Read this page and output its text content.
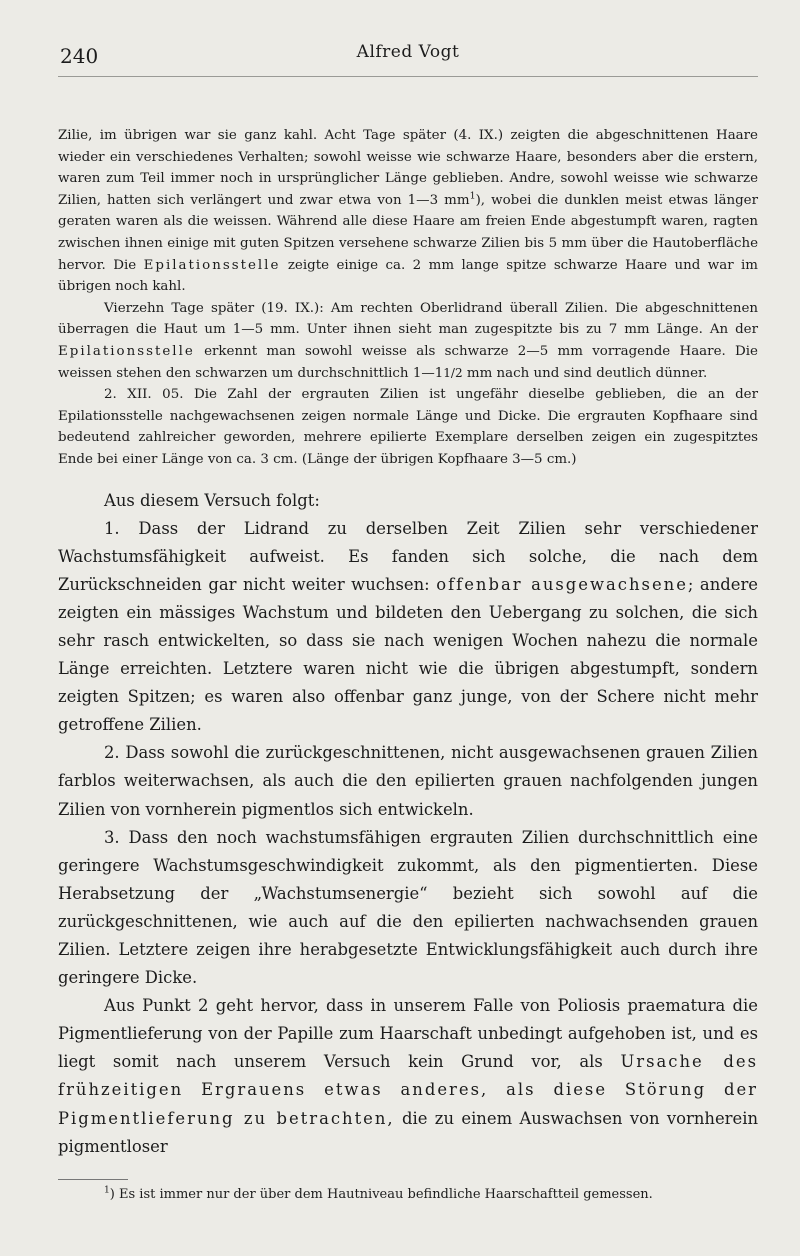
240	Alfred Vogt

Zilie, im übrigen war sie ganz kahl. Acht Tage später (4. IX.) zeigten die abgeschnittenen Haare wieder ein verschiedenes Verhalten; sowohl weisse wie schwarze Haare, besonders aber die erstern, waren zum Teil immer noch in ursprünglicher Länge geblieben. Andre, sowohl weisse wie schwarze Zilien, hatten sich verlängert und zwar etwa von 1—3 $mm^1$), wobei die dunklen meist etwas länger geraten waren als die weissen. Während alle diese Haare am freien Ende abgestumpft waren, ragten zwischen ihnen einige mit guten Spitzen versehene schwarze Zilien bis 5 mm über die Hautoberfläche hervor. Die Epilationsstelle zeigte einige ca. 2 mm lange spitze schwarze Haare und war im übrigen noch kahl.

Vierzehn Tage später (19. IX.): Am rechten Oberlidrand überall Zilien. Die abgeschnittenen überragen die Haut um 1—5 mm. Unter ihnen sieht man zugespitzte bis zu 7 mm Länge. An der Epilationsstelle erkennt man sowohl weisse als schwarze 2—5 mm vorragende Haare. Die weissen stehen den schwarzen um durchschnittlich 1—11/2 mm nach und sind deutlich dünner.

2. XII. 05. Die Zahl der ergrauten Zilien ist ungefähr dieselbe geblieben, die an der Epilationsstelle nachgewachsenen zeigen normale Länge und Dicke. Die ergrauten Kopfhaare sind bedeutend zahlreicher geworden, mehrere epilierte Exemplare derselben zeigen ein zugespitztes Ende bei einer Länge von ca. 3 cm. (Länge der übrigen Kopfhaare 3—5 cm.)

Aus diesem Versuch folgt:

1. Dass der Lidrand zu derselben Zeit Zilien sehr verschiedener Wachstumsfähigkeit aufweist. Es fanden sich solche, die nach dem Zurückschneiden gar nicht weiter wuchsen: offenbar ausgewachsene; andere zeigten ein mässiges Wachstum und bildeten den Uebergang zu solchen, die sich sehr rasch entwickelten, so dass sie nach wenigen Wochen nahezu die normale Länge erreichten. Letztere waren nicht wie die übrigen abgestumpft, sondern zeigten Spitzen; es waren also offenbar ganz junge, von der Schere nicht mehr getroffene Zilien.

2. Dass sowohl die zurückgeschnittenen, nicht ausgewachsenen grauen Zilien farblos weiterwachsen, als auch die den epilierten grauen nachfolgenden jungen Zilien von vornherein pigmentlos sich entwickeln.

3. Dass den noch wachstumsfähigen ergrauten Zilien durchschnittlich eine geringere Wachstumsgeschwindigkeit zukommt, als den pigmentierten. Diese Herabsetzung der „Wachstumsenergie“ bezieht sich sowohl auf die zurückgeschnittenen, wie auch auf die den epilierten nachwachsenden grauen Zilien. Letztere zeigen ihre herabgesetzte Entwicklungsfähigkeit auch durch ihre geringere Dicke.

Aus Punkt 2 geht hervor, dass in unserem Falle von Poliosis praematura die Pigmentlieferung von der Papille zum Haarschaft unbedingt aufgehoben ist, und es liegt somit nach unserem Versuch kein Grund vor, als Ursache des frühzeitigen Ergrauens etwas anderes, als diese Störung der Pigmentlieferung zu betrachten, die zu einem Auswachsen von vornherein pigmentloser

$^1$) Es ist immer nur der über dem Hautniveau befindliche Haarschaftteil gemessen.
